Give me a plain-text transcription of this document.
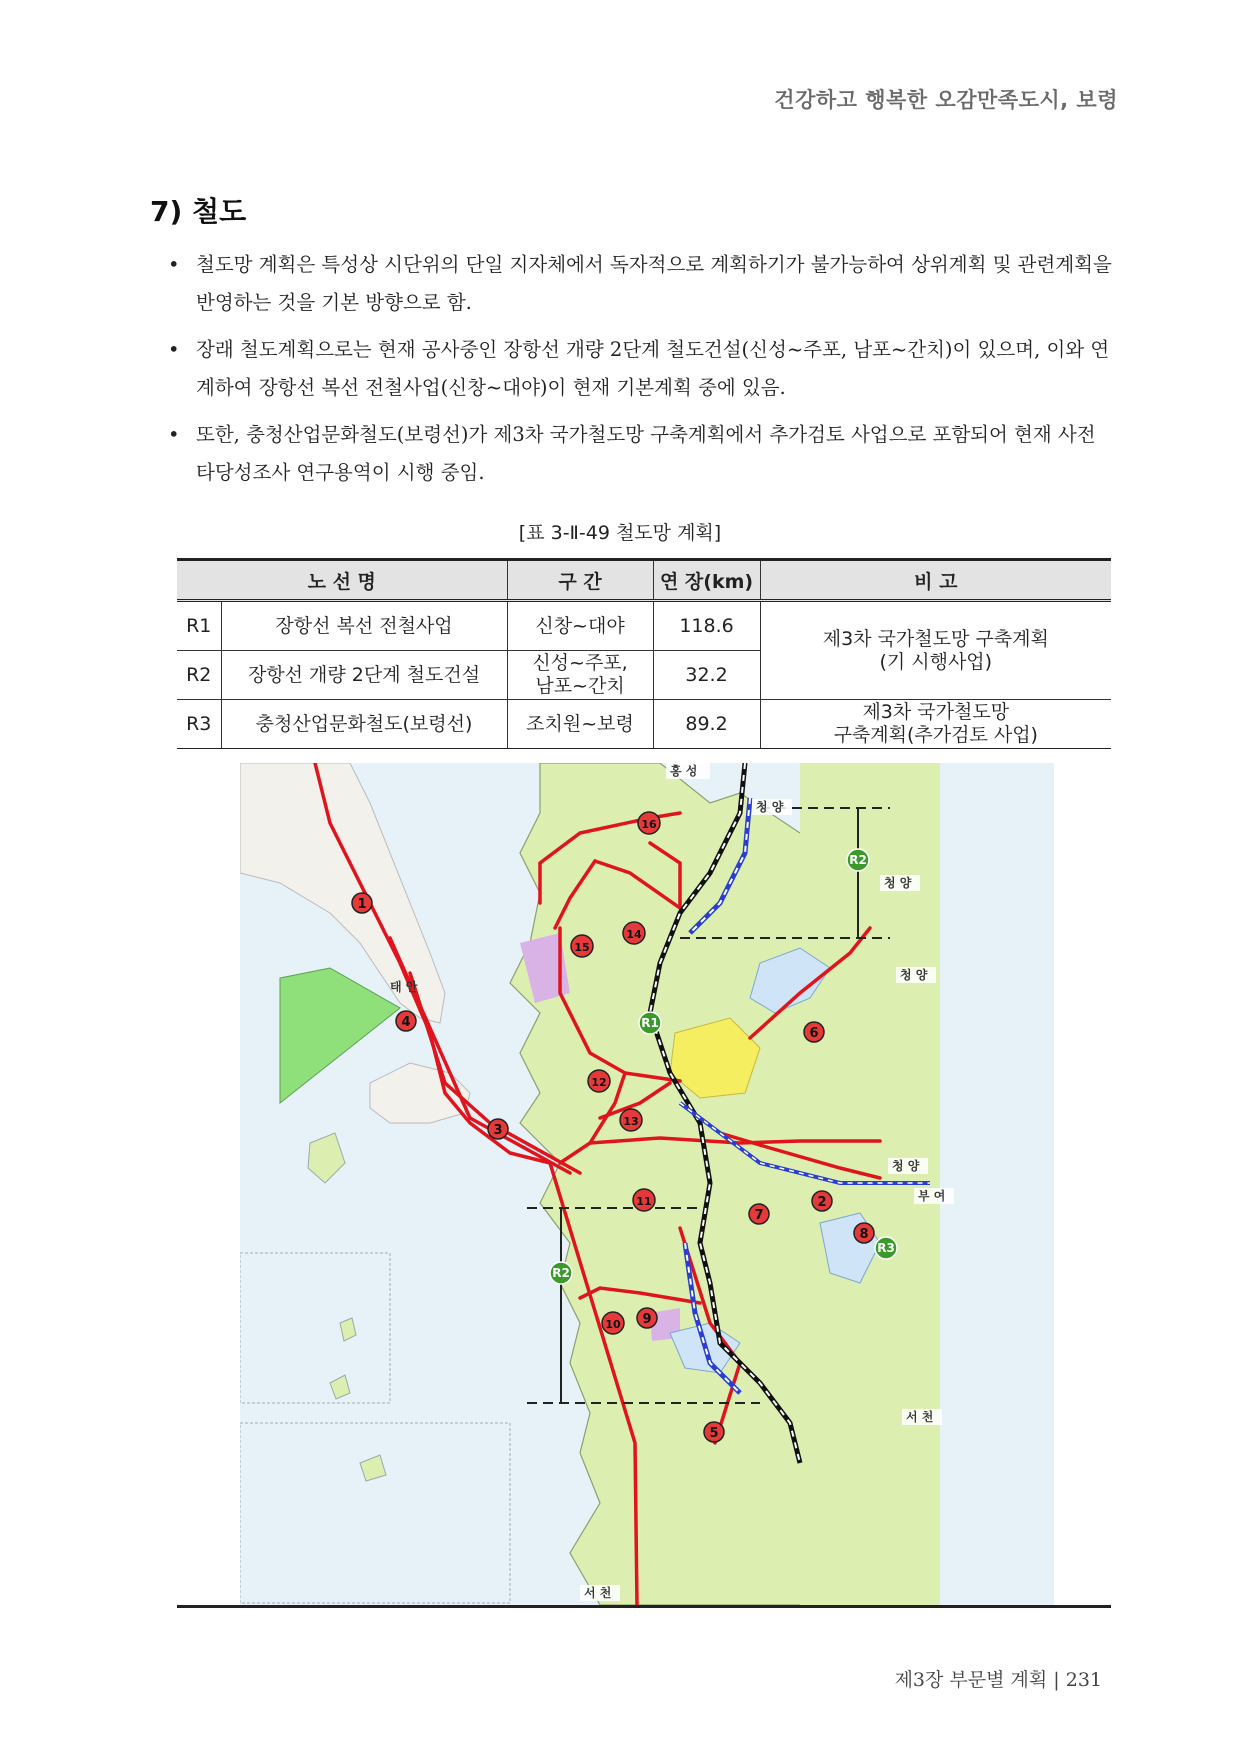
건강하고 행복한 오감만족도시, 보령
7) 철도
• 철도망 계획은 특성상 시단위의 단일 지자체에서 독자적으로 계획하기가 불가능하여 상위계획 및 관련계획을 반영하는 것을 기본 방향으로 함.
• 장래 철도계획으로는 현재 공사중인 장항선 개량 2단계 철도건설(신성~주포, 남포~간치)이 있으며, 이와 연계하여 장항선 복선 전철사업(신창~대야)이 현재 기본계획 중에 있음.
• 또한, 충청산업문화철도(보령선)가 제3차 국가철도망 구축계획에서 추가검토 사업으로 포함되어 현재 사전 타당성조사 연구용역이 시행 중임.
[표 3-Ⅱ-49 철도망 계획]
노 선 명		구 간	연 장(km)	비 고
R1	장항선 복선 전철사업	신창~대야	118.6	제3차 국가철도망 구축계획
(기 시행사업)

R2	장항선 개량 2단계 철도건설	신성~주포,
남포~간치	32.2	
R3	충청산업문화철도(보령선)	조치원~보령	89.2	제3차 국가철도망
구축계획(추가검토 사업)
1
2
3
4
5
6
7
8
9
10
11
12
13
14
15
16
R1
R2
R2
R3
홍 성
청 양
청 양
청 양
청 양
부 여
서 천
서 천
태 안
제3장 부문별 계획 | 231
